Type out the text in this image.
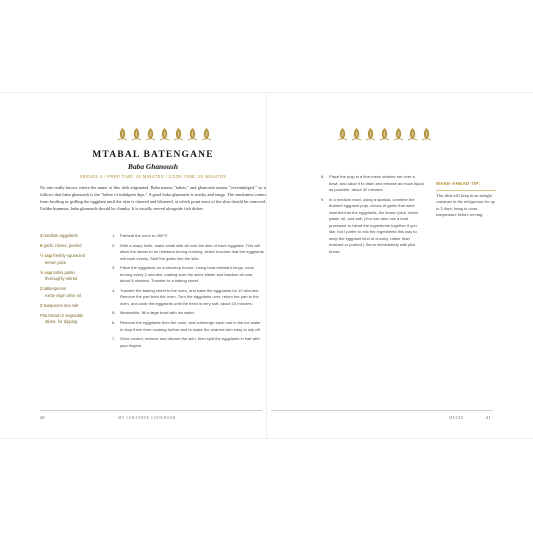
MTABAL BATENGANE
Baba Ghanoush
SERVES 4 / PREP TIME: 40 MINUTES / COOK TIME: 30 MINUTES

No one really knows where the name of this dish originated. Baba means "father," and ghanoush means "overindulged," so it follows that baba ghanoush is the "father of indulgent dips." A good baba ghanoush is smoky and tangy. The smokiness comes from broiling or grilling the eggplant until the skin is charred and blistered, at which point most of the skin should be removed. Unlike hummus, baba ghanoush should be chunky. It is usually served alongside fish dishes.

3 medium eggplants
6 garlic cloves, peeled
½ cup freshly squeezed
lemon juice
½ cup tahini paste,
thoroughly stirred
2 tablespoons
extra-virgin olive oil
2 teaspoons sea salt
Pita bread or vegetable
sticks, for dipping
1. Preheat the oven to 450°F.
2. With a sharp knife, make small slits all over the skin of each eggplant. This will allow the steam to be released during cooking, which ensures that the eggplants will cook evenly. Stuff the garlic into the slits.
3. Place the eggplants on a stovetop burner. Using heat-resistant tongs, cook, turning every 2 minutes, making sure the skins blister and blacken all over, about 5 minutes. Transfer to a baking sheet.
4. Transfer the baking sheet to the oven, and bake the eggplants for 10 minutes. Remove the pan from the oven. Turn the eggplants over, return the pan to the oven, and cook the eggplants until the flesh is very soft, about 15 minutes.
5. Meanwhile, fill a large bowl with ice water.
6. Remove the eggplants from the oven, and submerge each one in the ice water to stop them from cooking further and to make the charred skin easy to slip off.
7. Once cooled, remove and discard the skin, then split the eggplants in half with your fingers.
8. Place the pulp in a fine-mesh strainer set over a bowl, and allow it to drain and release as much liquid as possible, about 30 minutes.
9. In a medium bowl, using a spatula, combine the drained eggplant pulp, cloves of garlic that were inserted into the eggplants, the lemon juice, tahini paste, oil, and salt. (You can also use a food processor to blend the ingredients together if you like, but I prefer to mix the ingredients this way to keep the eggplant kind of chunky, rather than mashed or puréed.) Serve immediately with pita bread.
MAKE-AHEAD TIP:
This dish will keep in an airtight container in the refrigerator for up to 3 days; bring to room temperature before serving.
20	MY LEBANESE COOKBOOK	MEZZE	21
